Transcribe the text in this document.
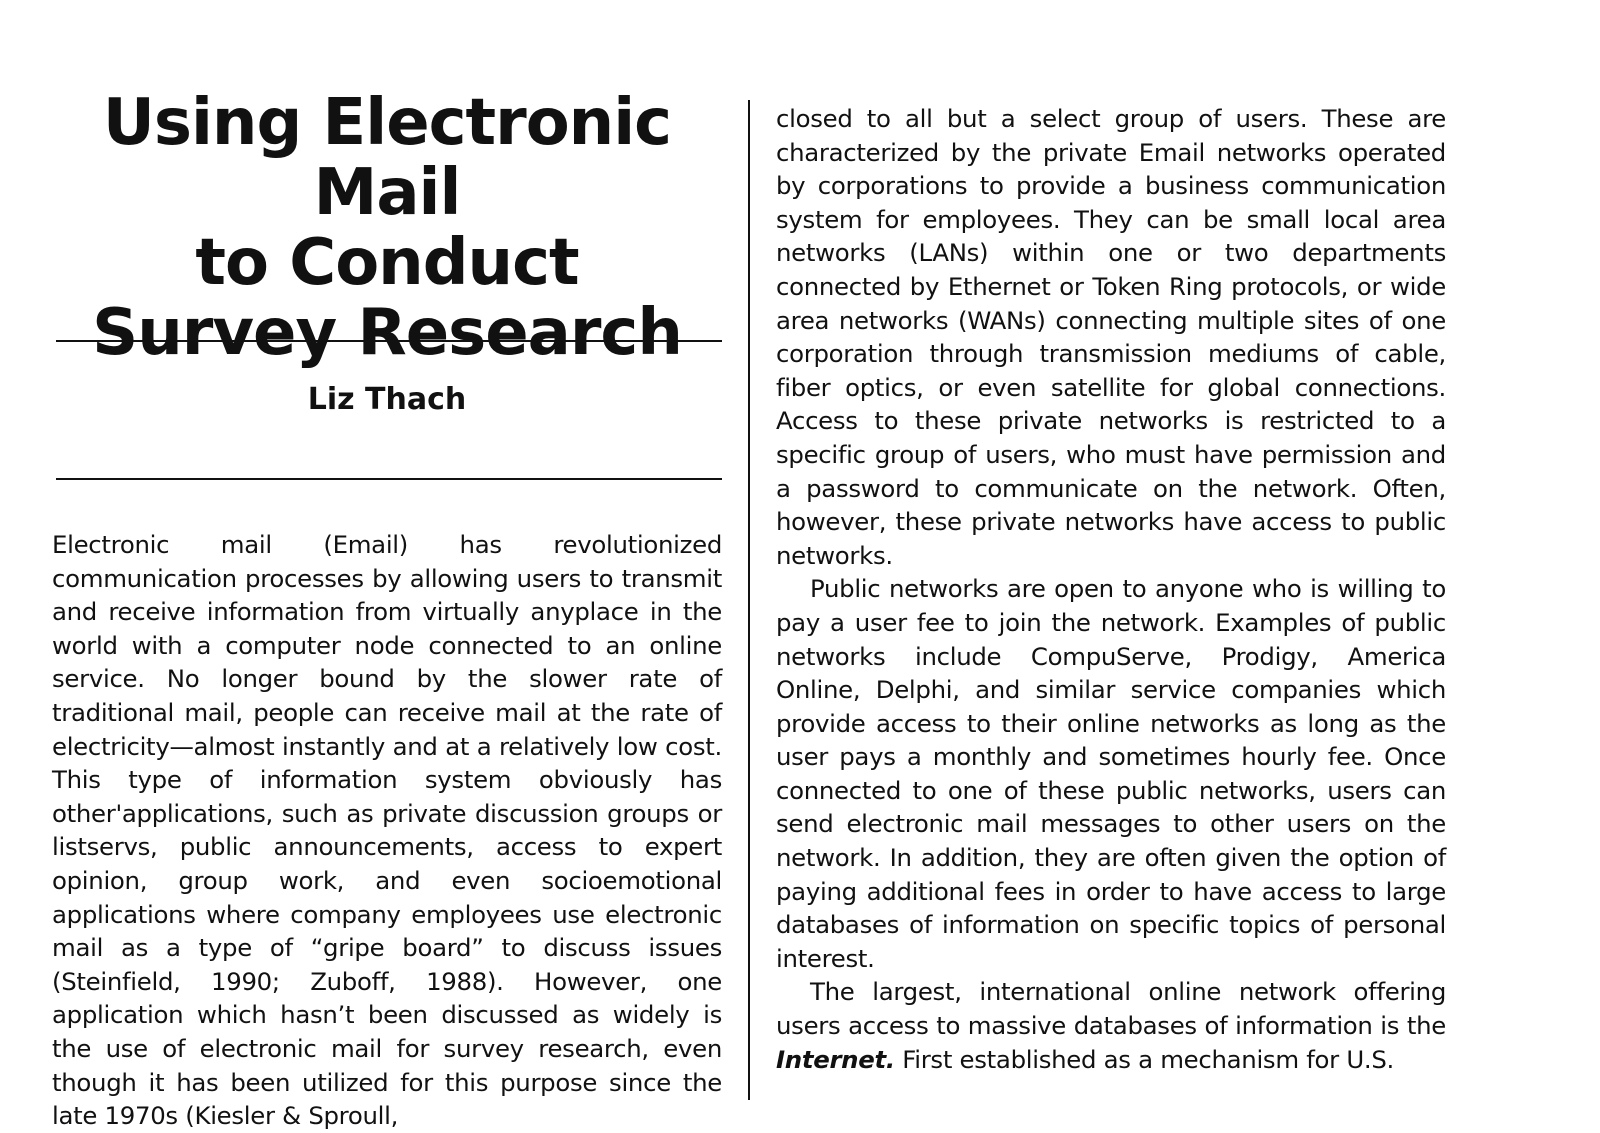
Using Electronic Mail
to Conduct
Survey Research
Liz Thach

Electronic mail (Email) has revolutionized communication processes by allowing users to transmit and receive information from virtually anyplace in the world with a computer node connected to an online service. No longer bound by the slower rate of traditional mail, people can receive mail at the rate of electricity—almost instantly and at a relatively low cost. This type of information system obviously has other'applications, such as private discussion groups or listservs, public announcements, access to expert opinion, group work, and even socioemotional applications where company employees use electronic mail as a type of “gripe board” to discuss issues (Steinfield, 1990; Zuboff, 1988). However, one application which hasn’t been discussed as widely is the use of electronic mail for survey research, even though it has been utilized for this purpose since the late 1970s (Kiesler & Sproull,

closed to all but a select group of users. These are characterized by the private Email networks operated by corporations to provide a business communication system for employees. They can be small local area networks (LANs) within one or two departments connected by Ethernet or Token Ring protocols, or wide area networks (WANs) connecting multiple sites of one corporation through transmission mediums of cable, fiber optics, or even satellite for global connections. Access to these private networks is restricted to a specific group of users, who must have permission and a password to communicate on the network. Often, however, these private networks have access to public networks.

Public networks are open to anyone who is willing to pay a user fee to join the network. Examples of public networks include CompuServe, Prodigy, America Online, Delphi, and similar service companies which provide access to their online networks as long as the user pays a monthly and sometimes hourly fee. Once connected to one of these public networks, users can send electronic mail messages to other users on the network. In addition, they are often given the option of paying additional fees in order to have access to large databases of information on specific topics of personal interest.

The largest, international online network offering users access to massive databases of information is the Internet. First established as a mechanism for U.S.
